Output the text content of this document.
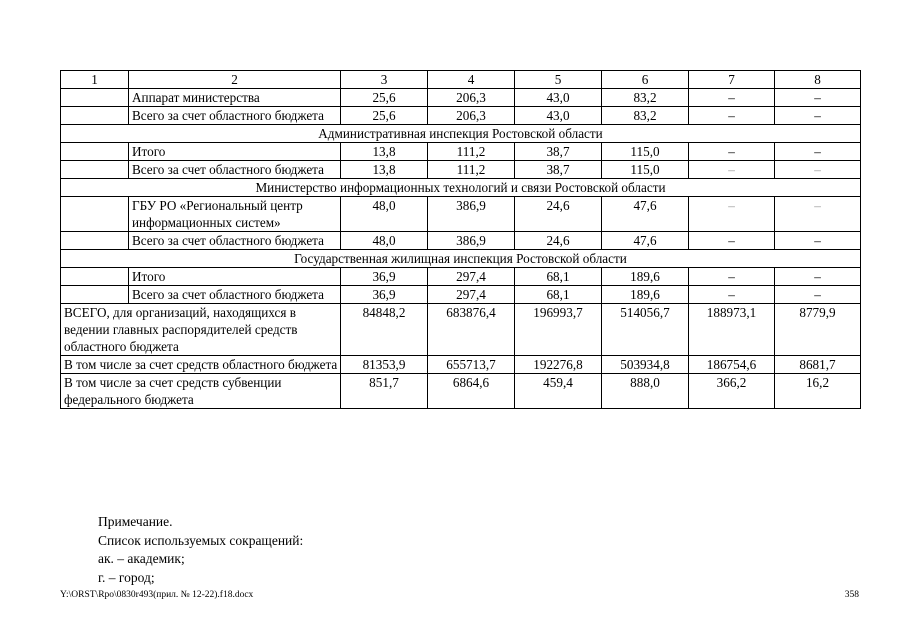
1	2	3	4	5	6	7	8
	Аппарат министерства	25,6	206,3	43,0	83,2	–	–
	Всего за счет областного бюджета	25,6	206,3	43,0	83,2	–	–
Административная инспекция Ростовской области							
	Итого	13,8	111,2	38,7	115,0	–	–
	Всего за счет областного бюджета	13,8	111,2	38,7	115,0	–	–
Министерство информационных технологий и связи Ростовской области							
	ГБУ РО «Региональный центр информационных систем»	48,0	386,9	24,6	47,6	–	–
	Всего за счет областного бюджета	48,0	386,9	24,6	47,6	–	–
Государственная жилищная инспекция Ростовской области							
	Итого	36,9	297,4	68,1	189,6	–	–
	Всего за счет областного бюджета	36,9	297,4	68,1	189,6	–	–
ВСЕГО, для организаций, находящихся в ведении главных распорядителей средств областного бюджета		84848,2	683876,4	196993,7	514056,7	188973,1	8779,9
В том числе за счет средств областного бюджета		81353,9	655713,7	192276,8	503934,8	186754,6	8681,7
В том числе за счет средств субвенции федерального бюджета		851,7	6864,6	459,4	888,0	366,2	16,2
Примечание.
Список используемых сокращений:
ак. – академик;
г. – город;
Y:\ORST\Rpo\0830r493(прил. № 12-22).f18.docx	358
